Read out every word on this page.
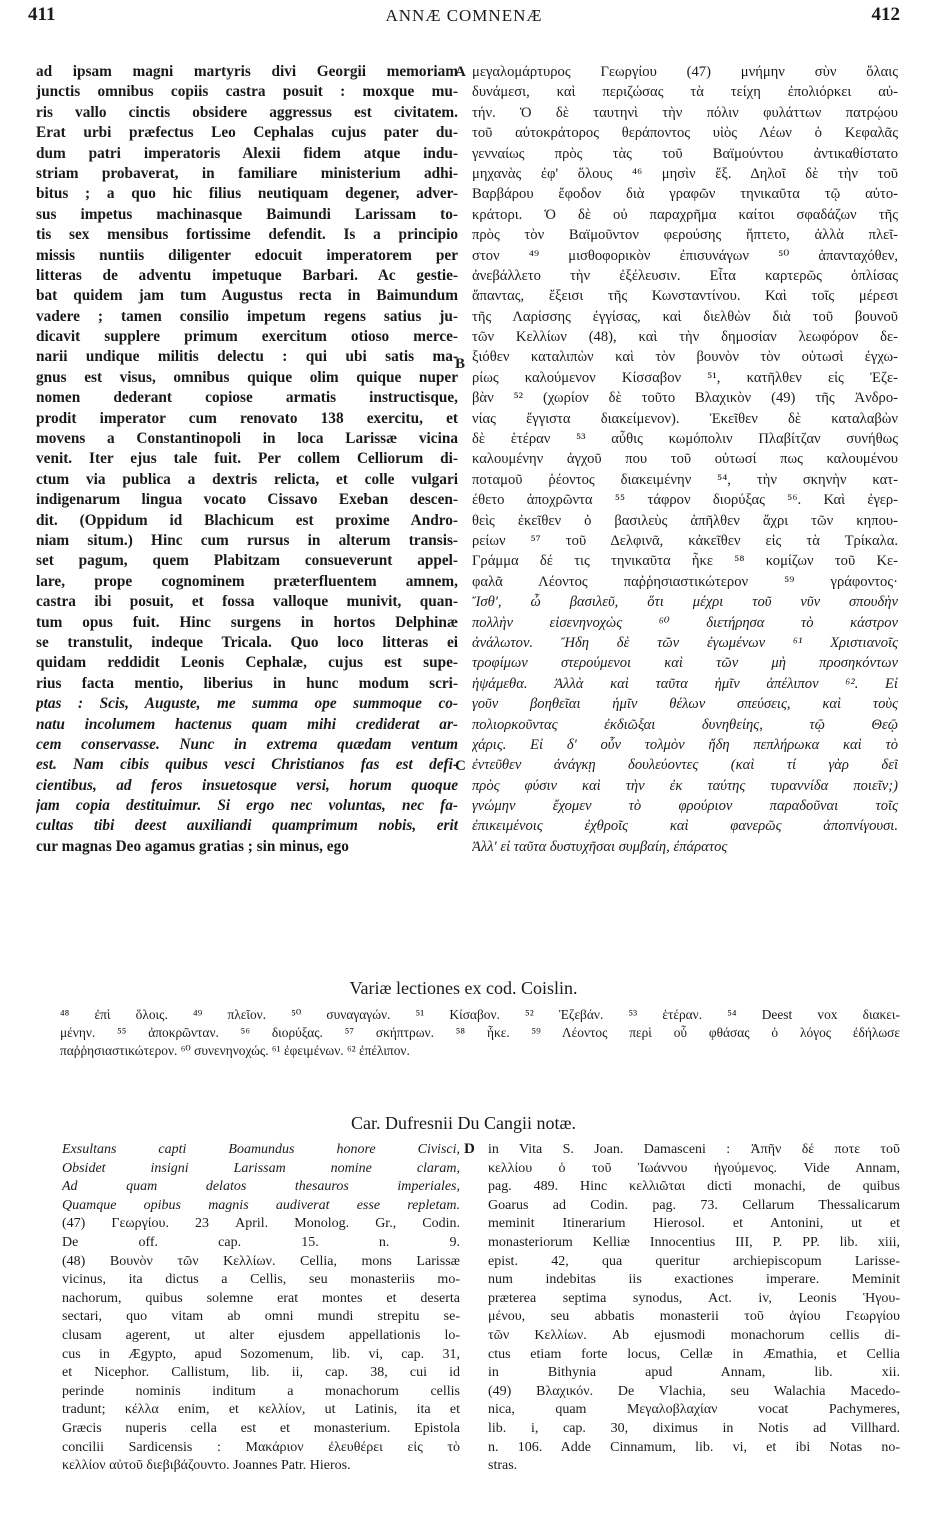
411	ANNÆ COMNENÆ	412
ad ipsam magni martyris divi Georgii memoriam
junctis omnibus copiis castra posuit : moxque mu-
ris vallo cinctis obsidere aggressus est civitatem.
Erat urbi præfectus Leo Cephalas cujus pater du-
dum patri imperatoris Alexii fidem atque indu-
striam probaverat, in familiare ministerium adhi-
bitus ; a quo hic filius neutiquam degener, adver-
sus impetus machinasque Baimundi Larissam to-
tis sex mensibus fortissime defendit. Is a principio
missis nuntiis diligenter edocuit imperatorem per
litteras de adventu impetuque Barbari. Ac gestie-
bat quidem jam tum Augustus recta in Baimundum
vadere ; tamen consilio impetum regens satius ju-
dicavit supplere primum exercitum otioso merce-
narii undique militis delectu : qui ubi satis ma-
gnus est visus, omnibus quique olim quique nuper
nomen dederant copiose armatis instructisque,
prodit imperator cum renovato 138 exercitu, et
movens a Constantinopoli in loca Larissæ vicina
venit. Iter ejus tale fuit. Per collem Celliorum di-
ctum via publica a dextris relicta, et colle vulgari
indigenarum lingua vocato Cissavo Exeban descen-
dit. (Oppidum id Blachicum est proxime Andro-
niam situm.) Hinc cum rursus in alterum transis-
set pagum, quem Plabitzam consueverunt appel-
lare, prope cognominem præterfluentem amnem,
castra ibi posuit, et fossa valloque munivit, quan-
tum opus fuit. Hinc surgens in hortos Delphinæ
se transtulit, indeque Tricala. Quo loco litteras ei
quidam reddidit Leonis Cephalæ, cujus est supe-
rius facta mentio, liberius in hunc modum scri-
ptas : Scis, Auguste, me summa ope summoque co-
natu incolumem hactenus quam mihi crediderat ar-
cem conservasse. Nunc in extrema quædam ventum
est. Nam cibis quibus vesci Christianos fas est defi-
cientibus, ad feros insuetosque versi, horum quoque
jam copia destituimur. Si ergo nec voluntas, nec fa-
cultas tibi deest auxiliandi quamprimum nobis, erit
cur magnas Deo agamus gratias ; sin minus, ego
μεγαλομάρτυρος Γεωργίου (47) μνήμην σὺν ὅλαις
δυνάμεσι, καὶ περιζώσας τὰ τείχη ἐπολιόρκει αὐ-
τήν. Ὁ δὲ ταυτηνὶ τὴν πόλιν φυλάττων πατρῴου
τοῦ αὐτοκράτορος θεράποντος υἱὸς Λέων ὁ Κεφαλᾶς
γενναίως πρὸς τὰς τοῦ Βαϊμούντου ἀντικαθίστατο
μηχανὰς ἐφ' ὅλους ⁴⁶ μησὶν ἕξ. Δηλοῖ δὲ τὴν τοῦ
Βαρβάρου ἔφοδον διὰ γραφῶν τηνικαῦτα τῷ αὐτο-
κράτορι. Ὁ δὲ οὐ παραχρῆμα καίτοι σφαδάζων τῆς
πρὸς τὸν Βαϊμοῦντον φερούσης ἥπτετο, ἀλλὰ πλεῖ-
στον ⁴⁹ μισθοφορικὸν ἐπισυνάγων ⁵⁰ ἁπανταχόθεν,
ἀνεβάλλετο τὴν ἐξέλευσιν. Εἶτα καρτερῶς ὁπλίσας
ἅπαντας, ἔξεισι τῆς Κωνσταντίνου. Καὶ τοῖς μέρεσι
τῆς Λαρίσσης ἐγγίσας, καὶ διελθὼν διὰ τοῦ βουνοῦ
τῶν Κελλίων (48), καὶ τὴν δημοσίαν λεωφόρον δε-
ξιόθεν καταλιπὼν καὶ τὸν βουνὸν τὸν οὑτωσὶ ἐγχω-
ρίως καλούμενον Κίσσαβον ⁵¹, κατῆλθεν εἰς Ἐζε-
βὰν ⁵² (χωρίον δὲ τοῦτο Βλαχικὸν (49) τῆς Ἀνδρο-
νίας ἔγγιστα διακείμενον). Ἐκεῖθεν δὲ καταλαβὼν
δὲ ἑτέραν ⁵³ αὖθις κωμόπολιν Πλαβίτζαν συνήθως
καλουμένην ἀγχοῦ που τοῦ οὑτωσί πως καλουμένου
ποταμοῦ ῥέοντος διακειμένην ⁵⁴, τὴν σκηνὴν κατ-
έθετο ἀποχρῶντα ⁵⁵ τάφρον διορύξας ⁵⁶. Καὶ ἐγερ-
θεὶς ἐκεῖθεν ὁ βασιλεὺς ἀπῆλθεν ἄχρι τῶν κηπου-
ρείων ⁵⁷ τοῦ Δελφινᾶ, κἀκεῖθεν εἰς τὰ Τρίκαλα.
Γράμμα δέ τις τηνικαῦτα ἧκε ⁵⁸ κομίζων τοῦ Κε-
φαλᾶ Λέοντος παῤῥησιαστικώτερον ⁵⁹ γράφοντος·
Ἴσθ', ὦ βασιλεῦ, ὅτι μέχρι τοῦ νῦν σπουδὴν
πολλὴν εἰσενηνοχὼς ⁶⁰ διετήρησα τὸ κάστρον
ἀνάλωτον. Ἤδη δὲ τῶν ἐγωμένων ⁶¹ Χριστιανοῖς
τροφίμων στερούμενοι καὶ τῶν μὴ προσηκόντων
ἡψάμεθα. Ἀλλὰ καὶ ταῦτα ἡμῖν ἀπέλιπον ⁶². Εἰ
γοῦν βοηθεῖαι ἡμῖν θέλων σπεύσεις, καὶ τοὺς
πολιορκοῦντας ἐκδιῶξαι δυνηθείης, τῷ Θεῷ
χάρις. Εἰ δ' οὖν τολμὸν ἤδη πεπλήρωκα καὶ τὸ
ἐντεῦθεν ἀνάγκῃ δουλεύοντες (καὶ τί γὰρ δεῖ
πρὸς φύσιν καὶ τὴν ἐκ ταύτης τυραννίδα ποιεῖν;)
γνώμην ἔχομεν τὸ φρούριον παραδοῦναι τοῖς
ἐπικειμένοις ἐχθροῖς καὶ φανερῶς ἀποπνίγουσι.
Ἀλλ' εἰ ταῦτα δυστυχῆσαι συμβαίη, ἐπάρατος
A
B
C
D
Variæ lectiones ex cod. Coislin.
⁴⁸ ἐπὶ ὅλοις. ⁴⁹ πλεῖον. ⁵⁰ συναγαγών. ⁵¹ Κίσαβον. ⁵² Ἐζεβάν. ⁵³ ἑτέραν. ⁵⁴ Deest vox διακει-
μένην. ⁵⁵ ἀποκρῶνταν. ⁵⁶ διορύξας. ⁵⁷ σκήπτρων. ⁵⁸ ἧκε. ⁵⁹ Λέοντος περὶ οὗ φθάσας ὁ λόγος ἐδήλωσε
παῤῥησιαστικώτερον. ⁶⁰ συνενηνοχώς. ⁶¹ ἐφειμένων. ⁶² ἐπέλιπον.
Car. Dufresnii Du Cangii notæ.
Exsultans capti Boamundus honore Civisci,
Obsidet insigni Larissam nomine claram,
Ad quam delatos thesauros imperiales,
Quamque opibus magnis audiverat esse repletam.
(47) Γεωργίου. 23 April. Monolog. Gr., Codin.
De off. cap. 15. n. 9.
(48) Βουνὸν τῶν Κελλίων. Cellia, mons Larissæ
vicinus, ita dictus a Cellis, seu monasteriis mo-
nachorum, quibus solemne erat montes et deserta
sectari, quo vitam ab omni mundi strepitu se-
clusam agerent, ut alter ejusdem appellationis lo-
cus in Ægypto, apud Sozomenum, lib. vi, cap. 31,
et Nicephor. Callistum, lib. ii, cap. 38, cui id
perinde nominis inditum a monachorum cellis
tradunt; κέλλα enim, et κελλίον, ut Latinis, ita et
Græcis nuperis cella est et monasterium. Epistola
concilii Sardicensis : Μακάριον ἐλευθέρει εἰς τὸ
κελλίον αὐτοῦ διεβιβάζουντο. Joannes Patr. Hieros.
in Vita S. Joan. Damasceni : Ἀπῆν δέ ποτε τοῦ
κελλίου ὁ τοῦ Ἰωάννου ἡγούμενος. Vide Annam,
pag. 489. Hinc κελλιῶται dicti monachi, de quibus
Goarus ad Codin. pag. 73. Cellarum Thessalicarum
meminit Itinerarium Hierosol. et Antonini, ut et
monasteriorum Kelliæ Innocentius III, P. PP. lib. xiii,
epist. 42, qua queritur archiepiscopum Larisse-
num indebitas iis exactiones imperare. Meminit
præterea septima synodus, Act. iv, Leonis Ἡγου-
μένου, seu abbatis monasterii τοῦ ἁγίου Γεωργίου
τῶν Κελλίων. Ab ejusmodi monachorum cellis di-
ctus etiam forte locus, Cellæ in Æmathia, et Cellia
in Bithynia apud Annam, lib. xii.
(49) Βλαχικόν. De Vlachia, seu Walachia Macedo-
nica, quam Μεγαλοβλαχίαν vocat Pachymeres,
lib. i, cap. 30, diximus in Notis ad Villhard.
n. 106. Adde Cinnamum, lib. vi, et ibi Notas no-
stras.
